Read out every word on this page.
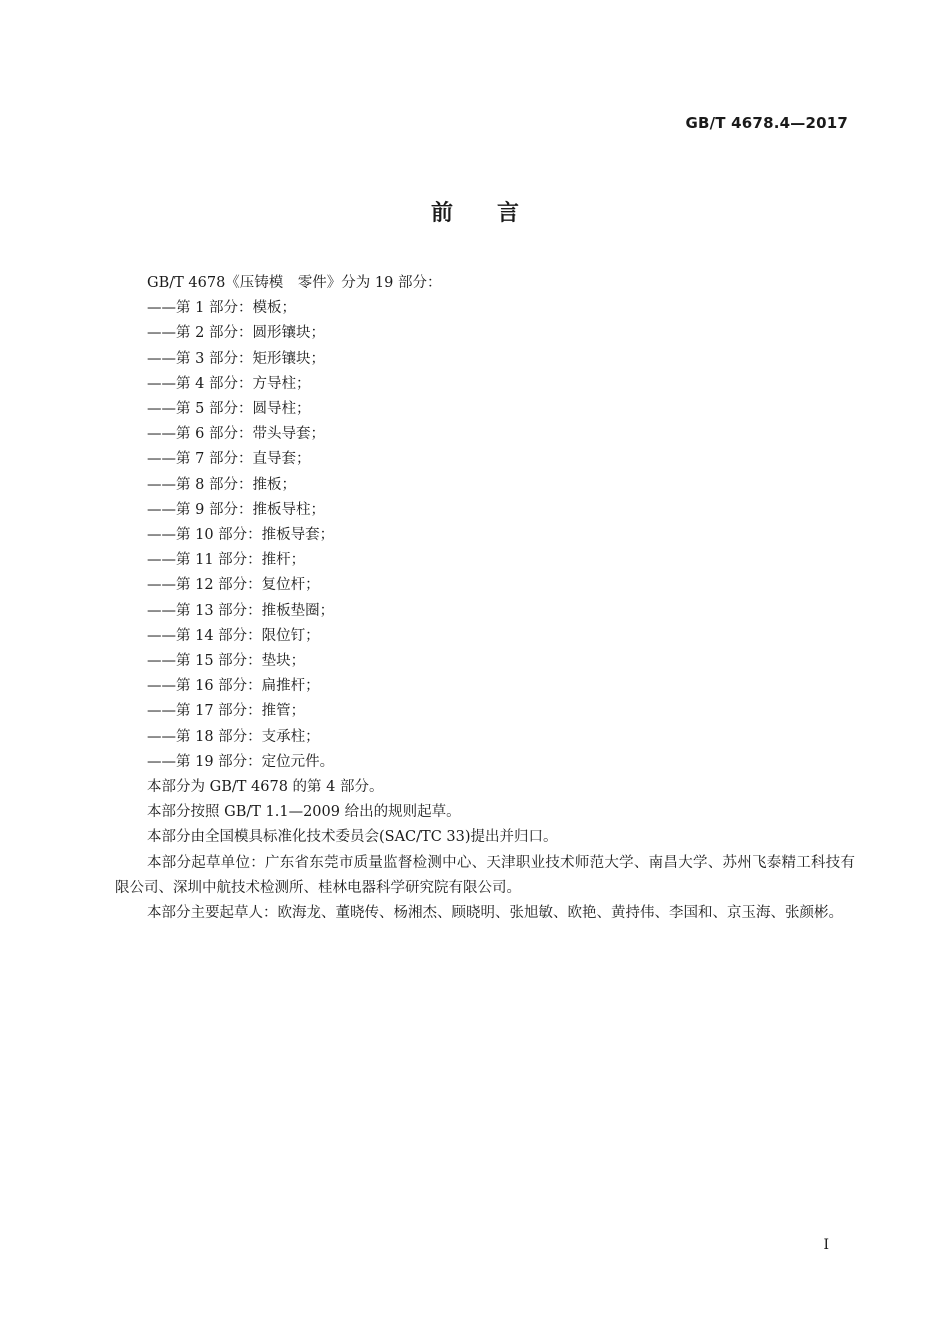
GB/T 4678.4—2017
前　　言

GB/T 4678《压铸模　零件》分为 19 部分：

——第 1 部分：模板；

——第 2 部分：圆形镶块；

——第 3 部分：矩形镶块；

——第 4 部分：方导柱；

——第 5 部分：圆导柱；

——第 6 部分：带头导套；

——第 7 部分：直导套；

——第 8 部分：推板；

——第 9 部分：推板导柱；

——第 10 部分：推板导套；

——第 11 部分：推杆；

——第 12 部分：复位杆；

——第 13 部分：推板垫圈；

——第 14 部分：限位钉；

——第 15 部分：垫块；

——第 16 部分：扁推杆；

——第 17 部分：推管；

——第 18 部分：支承柱；

——第 19 部分：定位元件。

本部分为 GB/T 4678 的第 4 部分。

本部分按照 GB/T 1.1—2009 给出的规则起草。

本部分由全国模具标准化技术委员会(SAC/TC 33)提出并归口。

本部分起草单位：广东省东莞市质量监督检测中心、天津职业技术师范大学、南昌大学、苏州飞泰精工科技有限公司、深圳中航技术检测所、桂林电器科学研究院有限公司。

本部分主要起草人：欧海龙、董晓传、杨湘杰、顾晓明、张旭敏、欧艳、黄持伟、李国和、京玉海、张颜彬。

I
